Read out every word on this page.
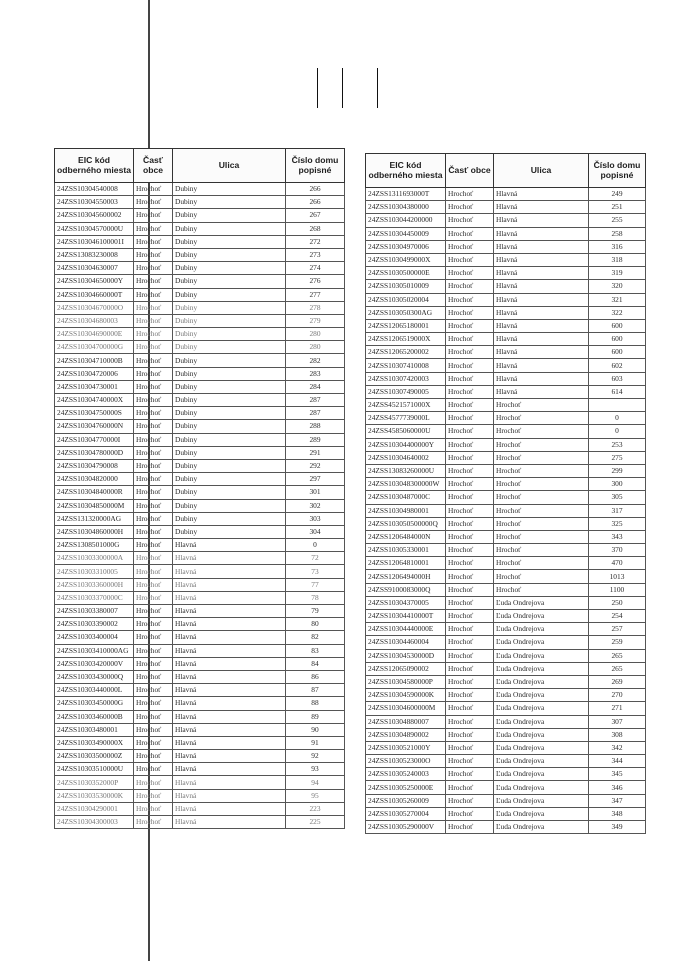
EIC kód odberného miesta	Časť obce	Ulica	Číslo domu popisné
24ZSS10304540008	Hrochoť	Dubiny	266
24ZSS10304550003	Hrochoť	Dubiny	266
24ZSS103045600002	Hrochoť	Dubiny	267
24ZSS10304570000U	Hrochoť	Dubiny	268
24ZSS103046100001I	Hrochoť	Dubiny	272
24ZSS13083230008	Hrochoť	Dubiny	273
24ZSS10304630007	Hrochoť	Dubiny	274
24ZSS10304650000Y	Hrochoť	Dubiny	276
24ZSS10304660000T	Hrochoť	Dubiny	277
24ZSS10304670000O	Hrochoť	Dubiny	278
24ZSS10304680003	Hrochoť	Dubiny	279
24ZSS10304690000E	Hrochoť	Dubiny	280
24ZSS10304700000G	Hrochoť	Dubiny	280
24ZSS10304710000B	Hrochoť	Dubiny	282
24ZSS10304720006	Hrochoť	Dubiny	283
24ZSS10304730001	Hrochoť	Dubiny	284
24ZSS10304740000X	Hrochoť	Dubiny	287
24ZSS10304750000S	Hrochoť	Dubiny	287
24ZSS10304760000N	Hrochoť	Dubiny	288
24ZSS10304770000I	Hrochoť	Dubiny	289
24ZSS10304780000D	Hrochoť	Dubiny	291
24ZSS10304790008	Hrochoť	Dubiny	292
24ZSS10304820000	Hrochoť	Dubiny	297
24ZSS10304840000R	Hrochoť	Dubiny	301
24ZSS10304850000M	Hrochoť	Dubiny	302
24ZSS131320000AG	Hrochoť	Dubiny	303
24ZSS10304860000H	Hrochoť	Dubiny	304
24ZSS1308501000G	Hrochoť	Hlavná	0
24ZSS10303300000A	Hrochoť	Hlavná	72
24ZSS10303310005	Hrochoť	Hlavná	73
24ZSS10303360000H	Hrochoť	Hlavná	77
24ZSS10303370000C	Hrochoť	Hlavná	78
24ZSS10303380007	Hrochoť	Hlavná	79
24ZSS10303390002	Hrochoť	Hlavná	80
24ZSS10303400004	Hrochoť	Hlavná	82
24ZSS10303410000AG	Hrochoť	Hlavná	83
24ZSS10303420000V	Hrochoť	Hlavná	84
24ZSS10303430000Q	Hrochoť	Hlavná	86
24ZSS10303440000L	Hrochoť	Hlavná	87
24ZSS10303450000G	Hrochoť	Hlavná	88
24ZSS10303460000B	Hrochoť	Hlavná	89
24ZSS10303480001	Hrochoť	Hlavná	90
24ZSS10303490000X	Hrochoť	Hlavná	91
24ZSS10303500000Z	Hrochoť	Hlavná	92
24ZSS10303510000U	Hrochoť	Hlavná	93
24ZSS1030352000P	Hrochoť	Hlavná	94
24ZSS10303530000K	Hrochoť	Hlavná	95
24ZSS10304290001	Hrochoť	Hlavná	223
24ZSS10304300003	Hrochoť	Hlavná	225
EIC kód odberného miesta	Časť obce	Ulica	Číslo domu popisné
24ZSS1311693000T	Hrochoť	Hlavná	249
24ZSS10304380000	Hrochoť	Hlavná	251
24ZSS103044200000	Hrochoť	Hlavná	255
24ZSS10304450009	Hrochoť	Hlavná	258
24ZSS10304970006	Hrochoť	Hlavná	316
24ZSS1030499000X	Hrochoť	Hlavná	318
24ZSS1030500000E	Hrochoť	Hlavná	319
24ZSS10305010009	Hrochoť	Hlavná	320
24ZSS10305020004	Hrochoť	Hlavná	321
24ZSS103050300AG	Hrochoť	Hlavná	322
24ZSS12065180001	Hrochoť	Hlavná	600
24ZSS1206519000X	Hrochoť	Hlavná	600
24ZSS12065200002	Hrochoť	Hlavná	600
24ZSS10307410008	Hrochoť	Hlavná	602
24ZSS10307420003	Hrochoť	Hlavná	603
24ZSS10307490005	Hrochoť	Hlavná	614
24ZSS4521571000X	Hrochoť	Hrochoť	
24ZSS4577739000L	Hrochoť	Hrochoť	0
24ZSS4585060000U	Hrochoť	Hrochoť	0
24ZSS10304400000Y	Hrochoť	Hrochoť	253
24ZSS10304640002	Hrochoť	Hrochoť	275
24ZSS13083260000U	Hrochoť	Hrochoť	299
24ZSS103048300000W	Hrochoť	Hrochoť	300
24ZSS1030487000C	Hrochoť	Hrochoť	305
24ZSS10304980001	Hrochoť	Hrochoť	317
24ZSS103050500000Q	Hrochoť	Hrochoť	325
24ZSS1206484000N	Hrochoť	Hrochoť	343
24ZSS10305330001	Hrochoť	Hrochoť	370
24ZSS12064810001	Hrochoť	Hrochoť	470
24ZSS1206494000H	Hrochoť	Hrochoť	1013
24ZSS9100083000Q	Hrochoť	Hrochoť	1100
24ZSS10304370005	Hrochoť	Ľuda Ondrejova	250
24ZSS10304410000T	Hrochoť	Ľuda Ondrejova	254
24ZSS10304440000E	Hrochoť	Ľuda Ondrejova	257
24ZSS10304460004	Hrochoť	Ľuda Ondrejova	259
24ZSS10304530000D	Hrochoť	Ľuda Ondrejova	265
24ZSS12065090002	Hrochoť	Ľuda Ondrejova	265
24ZSS10304580000P	Hrochoť	Ľuda Ondrejova	269
24ZSS10304590000K	Hrochoť	Ľuda Ondrejova	270
24ZSS10304600000M	Hrochoť	Ľuda Ondrejova	271
24ZSS10304880007	Hrochoť	Ľuda Ondrejova	307
24ZSS10304890002	Hrochoť	Ľuda Ondrejova	308
24ZSS1030521000Y	Hrochoť	Ľuda Ondrejova	342
24ZSS1030523000O	Hrochoť	Ľuda Ondrejova	344
24ZSS10305240003	Hrochoť	Ľuda Ondrejova	345
24ZSS10305250000E	Hrochoť	Ľuda Ondrejova	346
24ZSS10305260009	Hrochoť	Ľuda Ondrejova	347
24ZSS10305270004	Hrochoť	Ľuda Ondrejova	348
24ZSS10305290000V	Hrochoť	Ľuda Ondrejova	349
